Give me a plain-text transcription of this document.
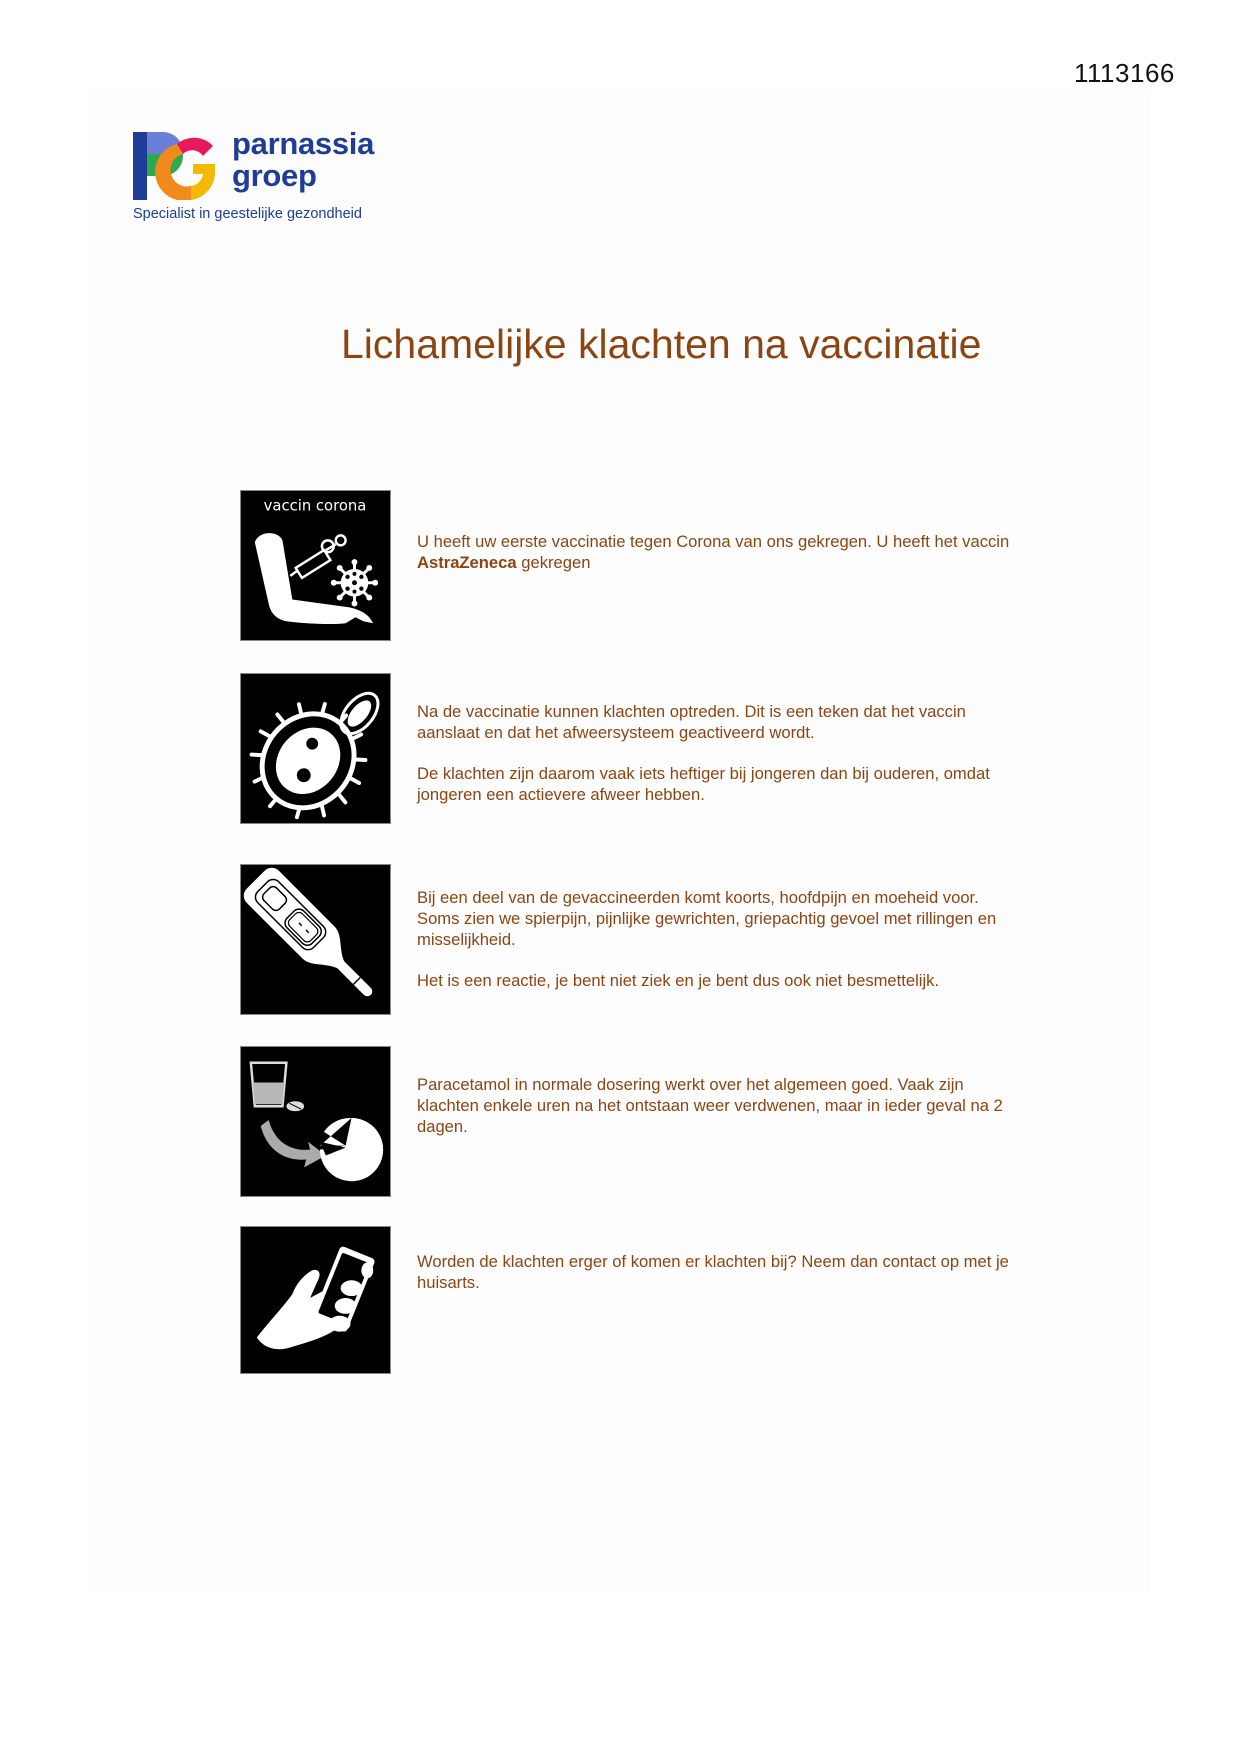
1113166
parnassia
groep
Specialist in geestelijke gezondheid
Lichamelijke klachten na vaccinatie
vaccin corona

U heeft uw eerste vaccinatie tegen Corona van ons gekregen. U heeft het vaccin AstraZeneca gekregen

Na de vaccinatie kunnen klachten optreden. Dit is een teken dat het vaccin aanslaat en dat het afweersysteem geactiveerd wordt.

De klachten zijn daarom vaak iets heftiger bij jongeren dan bij ouderen, omdat jongeren een actievere afweer hebben.

Bij een deel van de gevaccineerden komt koorts, hoofdpijn en moeheid voor. Soms zien we spierpijn, pijnlijke gewrichten, griepachtig gevoel met rillingen en misselijkheid.

Het is een reactie, je bent niet ziek en je bent dus ook niet besmettelijk.

Paracetamol in normale dosering werkt over het algemeen goed. Vaak zijn klachten enkele uren na het ontstaan weer verdwenen, maar in ieder geval na 2 dagen.

Worden de klachten erger of komen er klachten bij? Neem dan contact op met je huisarts.
